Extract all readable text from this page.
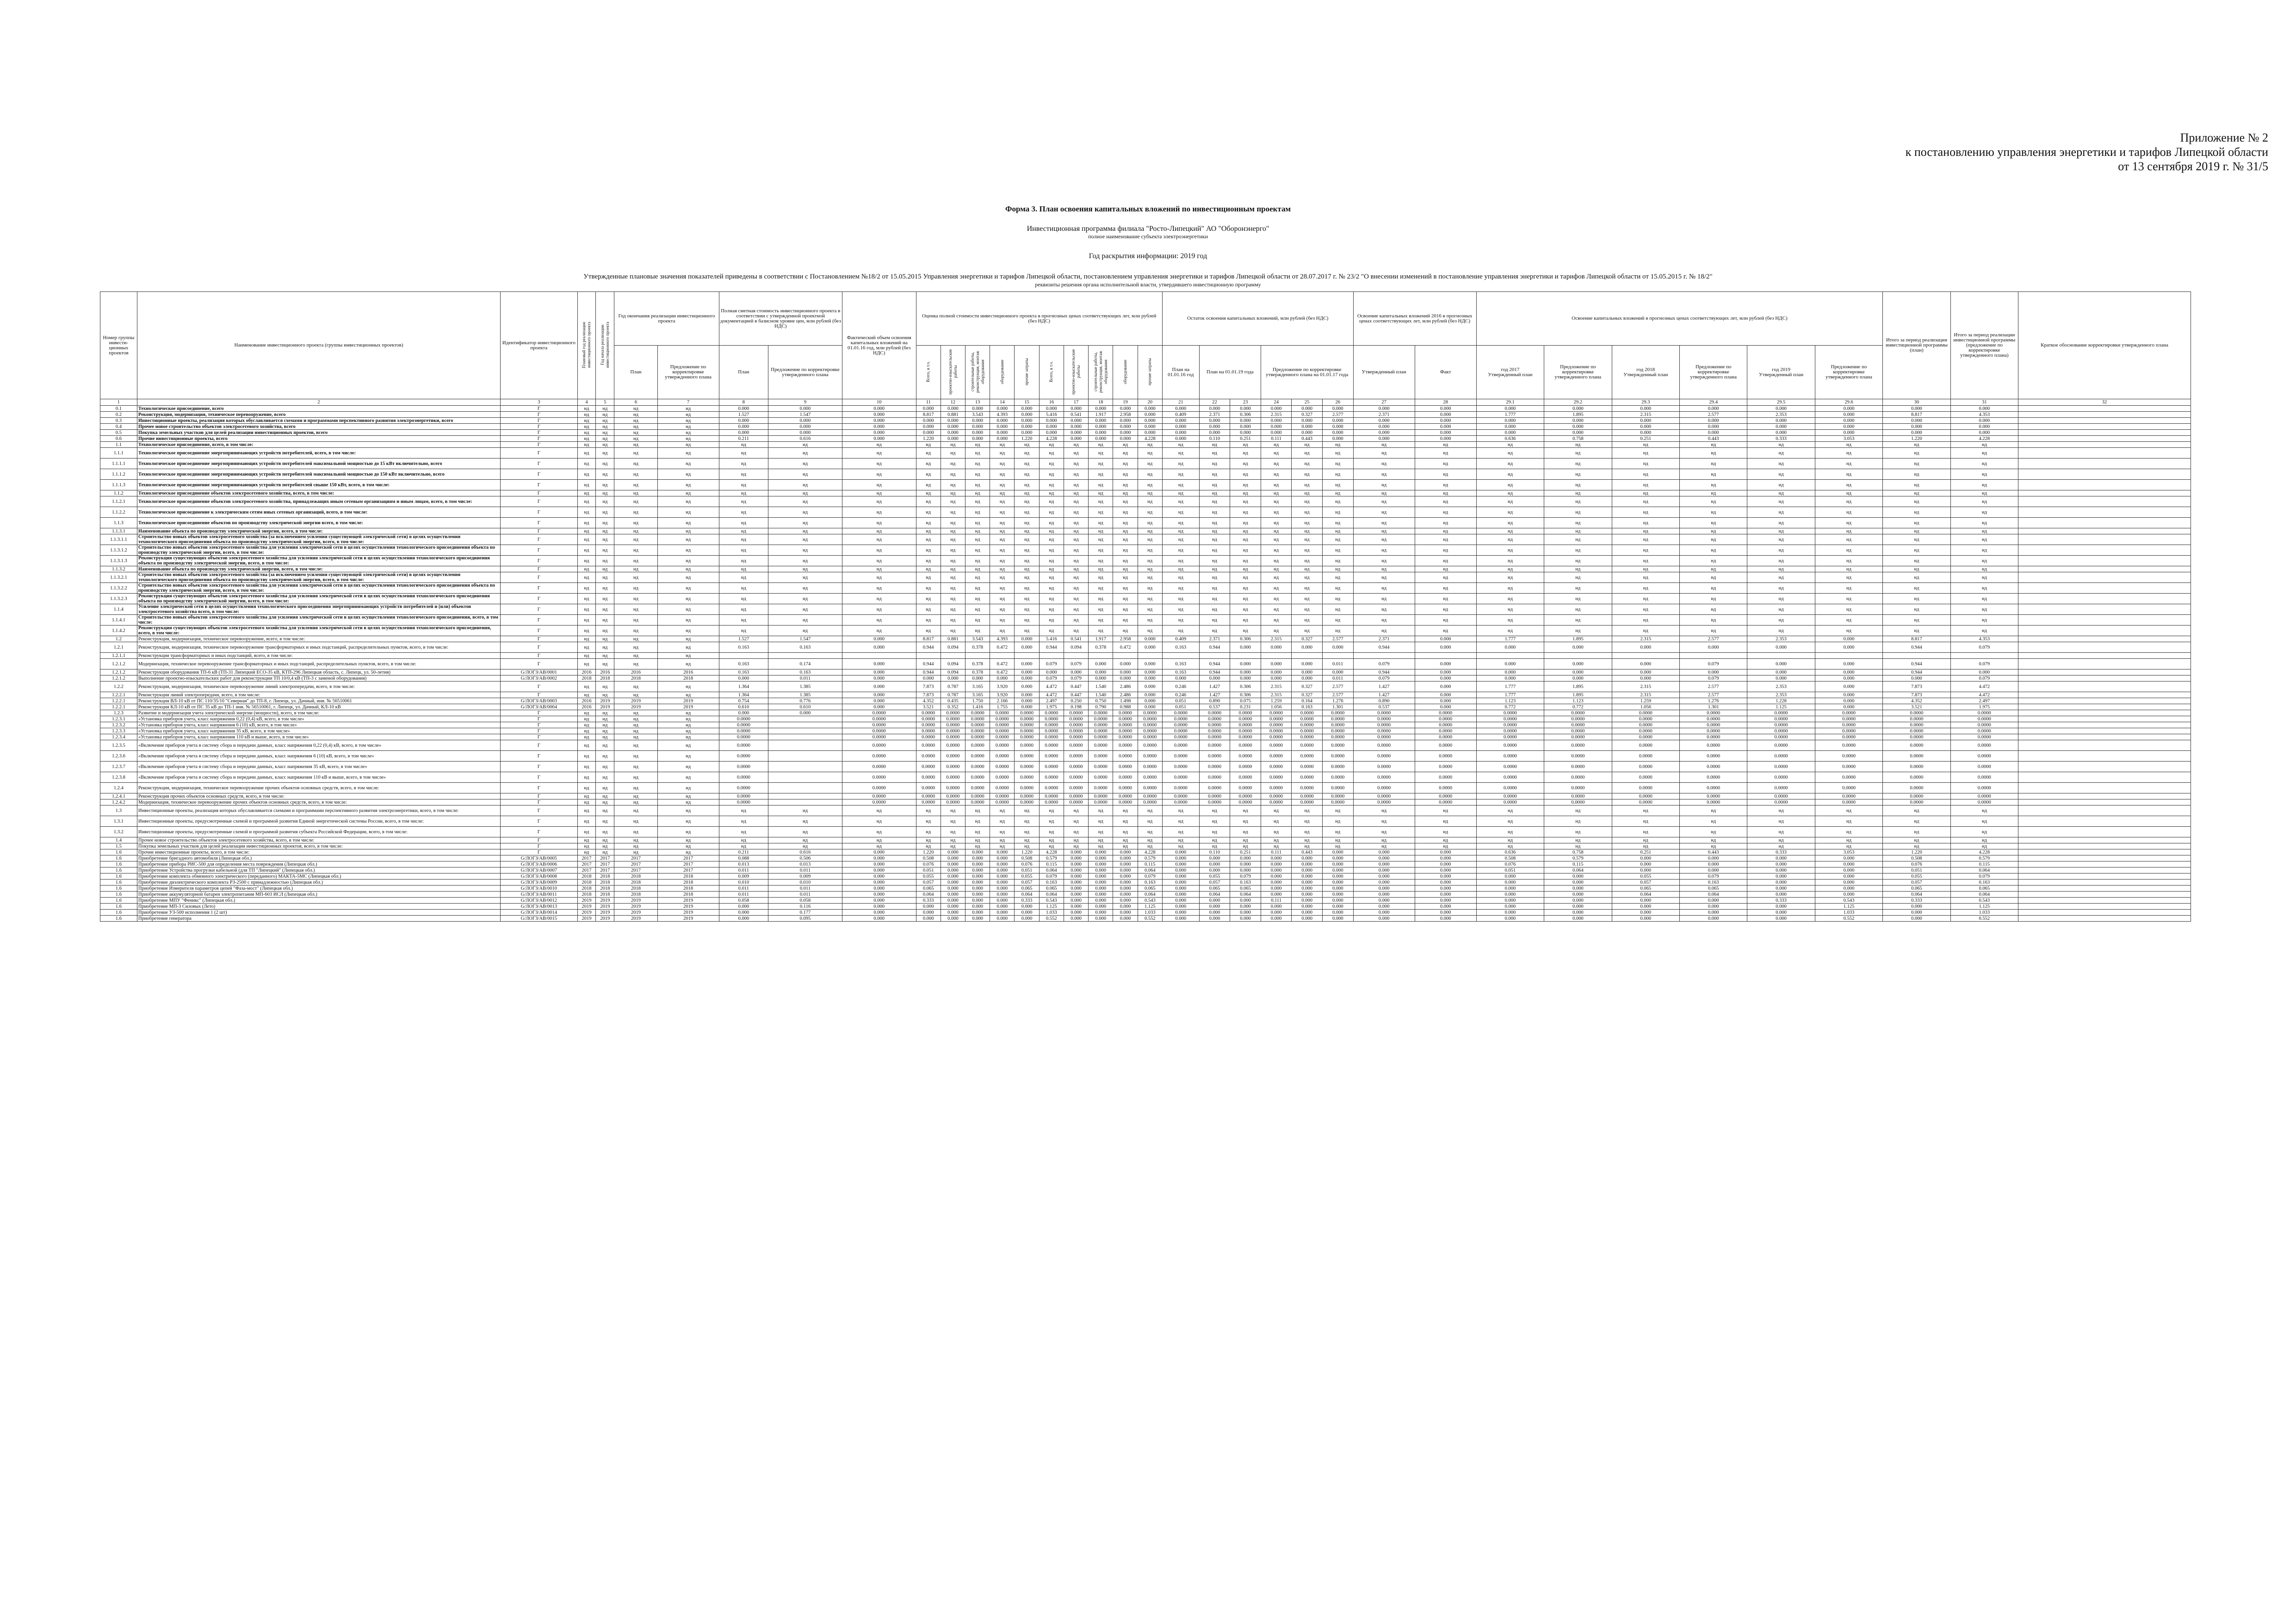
Приложение № 2
к постановлению управления энергетики и тарифов Липецкой области
от 13 сентября 2019 г. № 31/5
Форма 3. План освоения капитальных вложений по инвестиционным проектам
Инвестиционная программа филиала "Росто-Липецкий" АО "Оборонэнерго"
полное наименование субъекта электроэнергетики
Год раскрытия информации: 2019 год
Утвержденные плановые значения показателей приведены в соответствии с Постановлением №18/2 от 15.05.2015 Управления энергетики и тарифов Липецкой области, постановлением управления энергетики и тарифов Липецкой области от 28.07.2017 г. № 23/2 "О внесении изменений в постановление управления энергетики и тарифов Липецкой области от 15.05.2015 г. № 18/2"
реквизиты решения органа исполнительной власти, утвердившего инвестиционную программу
Номер группы инвести-ционных проектов	Наименование инвестиционного проекта (группы инвестиционных проектов)	Идентификатор инвестиционного проекта	Плановый год реализации инвестиционного проекта	Год начала реализации инвестиционного проекта	Год окончания реализации инвестиционного проекта		Полная сметная стоимость инвестиционного проекта в соответствии с утвержденной проектной документацией в базисном уровне цен, млн рублей (без НДС)		Фактический объем освоения капитальных вложений на 01.01.16 год, млн рублей (без НДС)	Оценка полной стоимости инвестиционного проекта в прогнозных ценах соответствующих лет, млн рублей (без НДС)										Остаток освоения капитальных вложений, млн рублей (без НДС)						Освоение капитальных вложений 2016 в прогнозных ценах соответствующих лет, млн рублей (без НДС)		Освоение капитальных вложений в прогнозных ценах соответствующих лет, млн рублей (без НДС)						Итого за период реализации инвестиционной программы (план)	Итого за период реализации инвестиционной программы (предложение по корректировке утвержденного плана)	Краткое обоснование корректировки утвержденного плана
					План	Предложение по корректировке утвержденного плана	План	Предложение по корректировке утвержденного плана		Всего, в т.ч.	проектно-изыскательские работы	строительные работы, реконструкция, монтаж оборудования	оборудование	прочие затраты	Всего, в т.ч.	проектно-изыскательские работы	строительные работы, реконструкция, монтаж оборудования	оборудование	прочие затраты	План на 01.01.16 год	План на 01.01.19 года		Предложение по корректировке утвержденного плана на 01.01.17 года			Утвержденный план	Факт	год 2017
Утвержденный план	Предложение по корректировке утвержденного плана	год 2018
Утвержденный план	Предложение по корректировке утвержденного плана	год 2019
Утвержденный план	Предложение по корректировке утвержденного плана			
1	2	3	4	5	6	7	8	9	10	11	12	13	14	15	16	17	18	19	20	21	22	23	24	25	26	27	28	29.1	29.2	29.3	29.4	29.5	29.6	30	31	32
0.1	Технологическое присоединение, всего	Г	нд	нд	нд	нд	0.000	0.000	0.000	0.000	0.000	0.000	0.000	0.000	0.000	0.000	0.000	0.000	0.000	0.000	0.000	0.000	0.000	0.000	0.000	0.000	0.000	0.000	0.000	0.000	0.000	0.000	0.000	0.000	0.000	
0.2	Реконструкция, модернизация, техническое перевооружение, всего	Г	нд	нд	нд	нд	1.527	1.547	0.000	8.817	0.881	3.543	4.393	0.000	5.416	0.541	1.917	2.958	0.000	0.409	2.371	0.306	2.315	0.327	2.577	2.371	0.000	1.777	1.895	2.315	2.577	2.353	0.000	8.817	4.353	
0.3	Инвестиционные проекты, реализация которых обуславливается схемами и программами перспективного развития электроэнергетики, всего	Г	нд	нд	нд	нд	0.000	0.000	0.000	0.000	0.000	0.000	0.000	0.000	0.000	0.000	0.000	0.000	0.000	0.000	0.000	0.000	0.000	0.000	0.000	0.000	0.000	0.000	0.000	0.000	0.000	0.000	0.000	0.000	0.000	
0.4	Прочее новое строительство объектов электросетевого хозяйства, всего	Г	нд	нд	нд	нд	0.000	0.000	0.000	0.000	0.000	0.000	0.000	0.000	0.000	0.000	0.000	0.000	0.000	0.000	0.000	0.000	0.000	0.000	0.000	0.000	0.000	0.000	0.000	0.000	0.000	0.000	0.000	0.000	0.000	
0.5	Покупка земельных участков для целей реализации инвестиционных проектов, всего	Г	нд	нд	нд	нд	0.000	0.000	0.000	0.000	0.000	0.000	0.000	0.000	0.000	0.000	0.000	0.000	0.000	0.000	0.000	0.000	0.000	0.000	0.000	0.000	0.000	0.000	0.000	0.000	0.000	0.000	0.000	0.000	0.000	
0.6	Прочие инвестиционные проекты, всего	Г	нд	нд	нд	нд	0.211	0.616	0.000	1.220	0.000	0.000	0.000	1.220	4.228	0.000	0.000	0.000	4.228	0.000	0.110	0.251	0.111	0.443	0.000	0.000	0.000	0.636	0.758	0.251	0.443	0.333	3.053	1.220	4.228	
1.1	Технологическое присоединение, всего, в том числе:	Г	нд	нд	нд	нд	нд	нд	нд	нд	нд	нд	нд	нд	нд	нд	нд	нд	нд	нд	нд	нд	нд	нд	нд	нд	нд	нд	нд	нд	нд	нд	нд	нд	нд	
1.1.1	Технологическое присоединение энергопринимающих устройств потребителей, всего, в том числе:	Г	нд	нд	нд	нд	нд	нд	нд	нд	нд	нд	нд	нд	нд	нд	нд	нд	нд	нд	нд	нд	нд	нд	нд	нд	нд	нд	нд	нд	нд	нд	нд	нд	нд	
1.1.1.1	Технологическое присоединение энергопринимающих устройств потребителей максимальной мощностью до 15 кВт включительно, всего	Г	нд	нд	нд	нд	нд	нд	нд	нд	нд	нд	нд	нд	нд	нд	нд	нд	нд	нд	нд	нд	нд	нд	нд	нд	нд	нд	нд	нд	нд	нд	нд	нд	нд	
1.1.1.2	Технологическое присоединение энергопринимающих устройств потребителей максимальной мощностью до 150 кВт включительно, всего	Г	нд	нд	нд	нд	нд	нд	нд	нд	нд	нд	нд	нд	нд	нд	нд	нд	нд	нд	нд	нд	нд	нд	нд	нд	нд	нд	нд	нд	нд	нд	нд	нд	нд	
1.1.1.3	Технологическое присоединение энергопринимающих устройств потребителей свыше 150 кВт, всего, в том числе:	Г	нд	нд	нд	нд	нд	нд	нд	нд	нд	нд	нд	нд	нд	нд	нд	нд	нд	нд	нд	нд	нд	нд	нд	нд	нд	нд	нд	нд	нд	нд	нд	нд	нд	
1.1.2	Технологическое присоединение объектов электросетевого хозяйства, всего, в том числе:	Г	нд	нд	нд	нд	нд	нд	нд	нд	нд	нд	нд	нд	нд	нд	нд	нд	нд	нд	нд	нд	нд	нд	нд	нд	нд	нд	нд	нд	нд	нд	нд	нд	нд	
1.1.2.1	Технологическое присоединение объектов электросетевого хозяйства, принадлежащих иным сетевым организациям и иным лицам, всего, в том числе:	Г	нд	нд	нд	нд	нд	нд	нд	нд	нд	нд	нд	нд	нд	нд	нд	нд	нд	нд	нд	нд	нд	нд	нд	нд	нд	нд	нд	нд	нд	нд	нд	нд	нд	
1.1.2.2	Технологическое присоединение к электрическим сетям иных сетевых организаций, всего, в том числе:	Г	нд	нд	нд	нд	нд	нд	нд	нд	нд	нд	нд	нд	нд	нд	нд	нд	нд	нд	нд	нд	нд	нд	нд	нд	нд	нд	нд	нд	нд	нд	нд	нд	нд	
1.1.3	Технологическое присоединение объектов по производству электрической энергии всего, в том числе:	Г	нд	нд	нд	нд	нд	нд	нд	нд	нд	нд	нд	нд	нд	нд	нд	нд	нд	нд	нд	нд	нд	нд	нд	нд	нд	нд	нд	нд	нд	нд	нд	нд	нд	
1.1.3.1	Наименование объекта по производству электрической энергии, всего, в том числе:	Г	нд	нд	нд	нд	нд	нд	нд	нд	нд	нд	нд	нд	нд	нд	нд	нд	нд	нд	нд	нд	нд	нд	нд	нд	нд	нд	нд	нд	нд	нд	нд	нд	нд	
1.1.3.1.1	Строительство новых объектов электросетевого хозяйства (за исключением усиления существующей электрической сети) в целях осуществления технологического присоединения объекта по производству электрической энергии, всего, в том числе:	Г	нд	нд	нд	нд	нд	нд	нд	нд	нд	нд	нд	нд	нд	нд	нд	нд	нд	нд	нд	нд	нд	нд	нд	нд	нд	нд	нд	нд	нд	нд	нд	нд	нд	
1.1.3.1.2	Строительство новых объектов электросетевого хозяйства для усиления электрической сети в целях осуществления технологического присоединения объекта по производству электрической энергии, всего, в том числе:	Г	нд	нд	нд	нд	нд	нд	нд	нд	нд	нд	нд	нд	нд	нд	нд	нд	нд	нд	нд	нд	нд	нд	нд	нд	нд	нд	нд	нд	нд	нд	нд	нд	нд	
1.1.3.1.3	Реконструкция существующих объектов электросетевого хозяйства для усиления электрической сети в целях осуществления технологического присоединения объекта по производству электрической энергии, всего, в том числе:	Г	нд	нд	нд	нд	нд	нд	нд	нд	нд	нд	нд	нд	нд	нд	нд	нд	нд	нд	нд	нд	нд	нд	нд	нд	нд	нд	нд	нд	нд	нд	нд	нд	нд	
1.1.3.2	Наименование объекта по производству электрической энергии, всего, в том числе:	Г	нд	нд	нд	нд	нд	нд	нд	нд	нд	нд	нд	нд	нд	нд	нд	нд	нд	нд	нд	нд	нд	нд	нд	нд	нд	нд	нд	нд	нд	нд	нд	нд	нд	
1.1.3.2.1	Строительство новых объектов электросетевого хозяйства (за исключением усиления существующей электрической сети) в целях осуществления технологического присоединения объекта по производству электрической энергии, всего, в том числе:	Г	нд	нд	нд	нд	нд	нд	нд	нд	нд	нд	нд	нд	нд	нд	нд	нд	нд	нд	нд	нд	нд	нд	нд	нд	нд	нд	нд	нд	нд	нд	нд	нд	нд	
1.1.3.2.2	Строительство новых объектов электросетевого хозяйства для усиления электрической сети в целях осуществления технологического присоединения объекта по производству электрической энергии, всего, в том числе:	Г	нд	нд	нд	нд	нд	нд	нд	нд	нд	нд	нд	нд	нд	нд	нд	нд	нд	нд	нд	нд	нд	нд	нд	нд	нд	нд	нд	нд	нд	нд	нд	нд	нд	
1.1.3.2.3	Реконструкция существующих объектов электросетевого хозяйства для усиления электрической сети в целях осуществления технологического присоединения объекта по производству электрической энергии, всего, в том числе:	Г	нд	нд	нд	нд	нд	нд	нд	нд	нд	нд	нд	нд	нд	нд	нд	нд	нд	нд	нд	нд	нд	нд	нд	нд	нд	нд	нд	нд	нд	нд	нд	нд	нд	
1.1.4	Усиление электрической сети в целях осуществления технологического присоединения энергопринимающих устройств потребителей и (или) объектов электросетевого хозяйства всего, в том числе:	Г	нд	нд	нд	нд	нд	нд	нд	нд	нд	нд	нд	нд	нд	нд	нд	нд	нд	нд	нд	нд	нд	нд	нд	нд	нд	нд	нд	нд	нд	нд	нд	нд	нд	
1.1.4.1	Строительство новых объектов электросетевого хозяйства для усиления электрической сети в целях осуществления технологического присоединения, всего, в том числе:	Г	нд	нд	нд	нд	нд	нд	нд	нд	нд	нд	нд	нд	нд	нд	нд	нд	нд	нд	нд	нд	нд	нд	нд	нд	нд	нд	нд	нд	нд	нд	нд	нд	нд	
1.1.4.2	Реконструкция существующих объектов электросетевого хозяйства для усиления электрической сети в целях осуществления технологического присоединения, всего, в том числе:	Г	нд	нд	нд	нд	нд	нд	нд	нд	нд	нд	нд	нд	нд	нд	нд	нд	нд	нд	нд	нд	нд	нд	нд	нд	нд	нд	нд	нд	нд	нд	нд	нд	нд	
1.2	Реконструкция, модернизация, техническое перевооружение, всего, в том числе:	Г	нд	нд	нд	нд	1.527	1.547	0.000	8.817	0.881	3.543	4.393	0.000	5.416	0.541	1.917	2.958	0.000	0.409	2.371	0.306	2.315	0.327	2.577	2.371	0.000	1.777	1.895	2.315	2.577	2.353	0.000	8.817	4.353	
1.2.1	Реконструкция, модернизация, техническое перевооружение трансформаторных и иных подстанций, распределительных пунктов, всего, в том числе:	Г	нд	нд	нд	нд	0.163	0.163	0.000	0.944	0.094	0.378	0.472	0.000	0.944	0.094	0.378	0.472	0.000	0.163	0.944	0.000	0.000	0.000	0.000	0.944	0.000	0.000	0.000	0.000	0.000	0.000	0.000	0.944	0.079	
1.2.1.1	Реконструкция трансформаторных и иных подстанций, всего, в том числе:	Г	нд	нд	нд	нд																														
1.2.1.2	Модернизация, техническое перевооружение трансформаторных и иных подстанций, распределительных пунктов, всего, в том числе:	Г	нд	нд	нд	нд	0.163	0.174	0.000	0.944	0.094	0.378	0.472	0.000	0.079	0.079	0.000	0.000	0.000	0.163	0.944	0.000	0.000	0.000	0.011	0.079	0.000	0.000	0.000	0.000	0.079	0.000	0.000	0.944	0.079	
1.2.1.2	Реконструкция оборудования ТП-6 кВ (ТП-31 Липецкий ЕСО-35 кВ, КТП-296 Липецкая область, с. Липецк, ул. 50-летия)	G/ЛОГЗ/АВ/0001	2016	2016	2016	2016	0.163	0.163	0.000	0.944	0.094	0.378	0.472	0.000	0.000	0.000	0.000	0.000	0.000	0.163	0.944	0.000	0.000	0.000	0.000	0.944	0.000	0.000	0.000	0.000	0.000	0.000	0.000	0.944	0.000	
1.2.1.2	Выполнение проектно-изыскательских работ для реконструкции ТП 10/0,4 кВ (ТП-3 с заменой оборудования)	G/ЛОГЗ/АВ/0002	2018	2018	2018	2018	0.000	0.011	0.000	0.000	0.000	0.000	0.000	0.000	0.079	0.079	0.000	0.000	0.000	0.000	0.000	0.000	0.000	0.000	0.011	0.079	0.000	0.000	0.000	0.000	0.079	0.000	0.000	0.000	0.079	
1.2.2	Реконструкция, модернизация, техническое перевооружение линий электропередачи, всего, в том числе:	Г	нд	нд	нд	нд	1.364	1.385	0.000	7.873	0.787	3.165	3.920	0.000	4.472	0.447	1.540	2.486	0.000	0.246	1.427	0.306	2.315	0.327	2.577	1.427	0.000	1.777	1.895	2.315	2.577	2.353	0.000	7.873	4.472	
1.2.2.1	Реконструкция линий электропередачи, всего, в том числе:	Г	нд	нд	нд	нд	1.364	1.385	0.000	7.873	0.787	3.165	3.920	0.000	4.472	0.447	1.540	2.486	0.000	0.246	1.427	0.306	2.315	0.327	2.577	1.427	0.000	1.777	1.895	2.315	2.577	2.353	0.000	7.873	4.472	
1.2.2.1	Реконструкция ВЛ-10 кВ от ПС 110/35/10 "Северная" до ТП-8, г. Липецк, ул. Дачный, инв. № 56510061	G/ЛОГЗ/АВ/0003	2016	2019	2019	2019	0.754	0.776	0.000	4.352	0.435	1.750	2.166	0.000	2.497	0.250	0.750	1.498	0.000	0.051	0.890	0.075	1.259	0.164	1.276	0.890	0.000	1.123	1.123	1.259	1.276	1.228	0.000	4.352	2.497	
1.2.2.1	Реконструкция КЛ-10 кВ от ПС 35 кВ до ТП-1 инв. № 56510061, г. Липецк, ул. Дачный, КЛ-10 кВ	G/ЛОГЗ/АВ/0004	2016	2019	2019	2019	0.610	0.610	0.000	3.521	0.352	1.416	1.755	0.000	1.975	0.198	0.790	0.988	0.000	0.051	0.537	0.231	1.056	0.163	1.301	0.537	0.000	0.772	0.772	1.056	1.301	1.125	0.000	3.521	1.975	
1.2.3	Развитие и модернизация учета электрической энергии (мощности), всего, в том числе:	Г	нд	нд	нд	нд	0.000	0.000	0.0000	0.0000	0.0000	0.0000	0.0000	0.0000	0.0000	0.0000	0.0000	0.0000	0.0000	0.0000	0.0000	0.0000	0.0000	0.0000	0.0000	0.0000	0.0000	0.0000	0.0000	0.0000	0.0000	0.0000	0.0000	0.0000	0.0000	
1.2.3.1	«Установка приборов учета, класс напряжения 0,22 (0,4) кВ, всего, в том числе»	Г	нд	нд	нд	нд	0.0000		0.0000	0.0000	0.0000	0.0000	0.0000	0.0000	0.0000	0.0000	0.0000	0.0000	0.0000	0.0000	0.0000	0.0000	0.0000	0.0000	0.0000	0.0000	0.0000	0.0000	0.0000	0.0000	0.0000	0.0000	0.0000	0.0000	0.0000	
1.2.3.2	«Установка приборов учета, класс напряжения 6 (10) кВ, всего, в том числе»	Г	нд	нд	нд	нд	0.0000		0.0000	0.0000	0.0000	0.0000	0.0000	0.0000	0.0000	0.0000	0.0000	0.0000	0.0000	0.0000	0.0000	0.0000	0.0000	0.0000	0.0000	0.0000	0.0000	0.0000	0.0000	0.0000	0.0000	0.0000	0.0000	0.0000	0.0000	
1.2.3.3	«Установка приборов учета, класс напряжения 35 кВ, всего, в том числе»	Г	нд	нд	нд	нд	0.0000		0.0000	0.0000	0.0000	0.0000	0.0000	0.0000	0.0000	0.0000	0.0000	0.0000	0.0000	0.0000	0.0000	0.0000	0.0000	0.0000	0.0000	0.0000	0.0000	0.0000	0.0000	0.0000	0.0000	0.0000	0.0000	0.0000	0.0000	
1.2.3.4	«Установка приборов учета, класс напряжения 110 кВ и выше, всего, в том числе»	Г	нд	нд	нд	нд	0.0000		0.0000	0.0000	0.0000	0.0000	0.0000	0.0000	0.0000	0.0000	0.0000	0.0000	0.0000	0.0000	0.0000	0.0000	0.0000	0.0000	0.0000	0.0000	0.0000	0.0000	0.0000	0.0000	0.0000	0.0000	0.0000	0.0000	0.0000	
1.2.3.5	«Включение приборов учета в систему сбора и передачи данных, класс напряжения 0,22 (0,4) кВ, всего, в том числе»	Г	нд	нд	нд	нд	0.0000		0.0000	0.0000	0.0000	0.0000	0.0000	0.0000	0.0000	0.0000	0.0000	0.0000	0.0000	0.0000	0.0000	0.0000	0.0000	0.0000	0.0000	0.0000	0.0000	0.0000	0.0000	0.0000	0.0000	0.0000	0.0000	0.0000	0.0000	
1.2.3.6	«Включение приборов учета в систему сбора и передачи данных, класс напряжения 6 (10) кВ, всего, в том числе»	Г	нд	нд	нд	нд	0.0000		0.0000	0.0000	0.0000	0.0000	0.0000	0.0000	0.0000	0.0000	0.0000	0.0000	0.0000	0.0000	0.0000	0.0000	0.0000	0.0000	0.0000	0.0000	0.0000	0.0000	0.0000	0.0000	0.0000	0.0000	0.0000	0.0000	0.0000	
1.2.3.7	«Включение приборов учета в систему сбора и передачи данных, класс напряжения 35 кВ, всего, в том числе»	Г	нд	нд	нд	нд	0.0000		0.0000	0.0000	0.0000	0.0000	0.0000	0.0000	0.0000	0.0000	0.0000	0.0000	0.0000	0.0000	0.0000	0.0000	0.0000	0.0000	0.0000	0.0000	0.0000	0.0000	0.0000	0.0000	0.0000	0.0000	0.0000	0.0000	0.0000	
1.2.3.8	«Включение приборов учета в систему сбора и передачи данных, класс напряжения 110 кВ и выше, всего, в том числе»	Г	нд	нд	нд	нд	0.0000		0.0000	0.0000	0.0000	0.0000	0.0000	0.0000	0.0000	0.0000	0.0000	0.0000	0.0000	0.0000	0.0000	0.0000	0.0000	0.0000	0.0000	0.0000	0.0000	0.0000	0.0000	0.0000	0.0000	0.0000	0.0000	0.0000	0.0000	
1.2.4	Реконструкция, модернизация, техническое перевооружение прочих объектов основных средств, всего, в том числе:	Г	нд	нд	нд	нд	0.0000		0.0000	0.0000	0.0000	0.0000	0.0000	0.0000	0.0000	0.0000	0.0000	0.0000	0.0000	0.0000	0.0000	0.0000	0.0000	0.0000	0.0000	0.0000	0.0000	0.0000	0.0000	0.0000	0.0000	0.0000	0.0000	0.0000	0.0000	
1.2.4.1	Реконструкция прочих объектов основных средств, всего, в том числе:	Г	нд	нд	нд	нд	0.0000		0.0000	0.0000	0.0000	0.0000	0.0000	0.0000	0.0000	0.0000	0.0000	0.0000	0.0000	0.0000	0.0000	0.0000	0.0000	0.0000	0.0000	0.0000	0.0000	0.0000	0.0000	0.0000	0.0000	0.0000	0.0000	0.0000	0.0000	
1.2.4.2	Модернизация, техническое перевооружение прочих объектов основных средств, всего, в том числе:	Г	нд	нд	нд	нд	0.0000		0.0000	0.0000	0.0000	0.0000	0.0000	0.0000	0.0000	0.0000	0.0000	0.0000	0.0000	0.0000	0.0000	0.0000	0.0000	0.0000	0.0000	0.0000	0.0000	0.0000	0.0000	0.0000	0.0000	0.0000	0.0000	0.0000	0.0000	
1.3	Инвестиционные проекты, реализация которых обуславливается схемами и программами перспективного развития электроэнергетики, всего, в том числе:	Г	нд	нд	нд	нд	нд	нд	нд	нд	нд	нд	нд	нд	нд	нд	нд	нд	нд	нд	нд	нд	нд	нд	нд	нд	нд	нд	нд	нд	нд	нд	нд	нд	нд	
1.3.1	Инвестиционные проекты, предусмотренные схемой и программой развития Единой энергетической системы России, всего, в том числе:	Г	нд	нд	нд	нд	нд	нд	нд	нд	нд	нд	нд	нд	нд	нд	нд	нд	нд	нд	нд	нд	нд	нд	нд	нд	нд	нд	нд	нд	нд	нд	нд	нд	нд	
1.3.2	Инвестиционные проекты, предусмотренные схемой и программой развития субъекта Российской Федерации, всего, в том числе:	Г	нд	нд	нд	нд	нд	нд	нд	нд	нд	нд	нд	нд	нд	нд	нд	нд	нд	нд	нд	нд	нд	нд	нд	нд	нд	нд	нд	нд	нд	нд	нд	нд	нд	
1.4	Прочее новое строительство объектов электросетевого хозяйства, всего, в том числе:	Г	нд	нд	нд	нд	нд	нд	нд	нд	нд	нд	нд	нд	нд	нд	нд	нд	нд	нд	нд	нд	нд	нд	нд	нд	нд	нд	нд	нд	нд	нд	нд	нд	нд	
1.5	Покупка земельных участков для целей реализации инвестиционных проектов, всего, в том числе:	Г	нд	нд	нд	нд	нд	нд	нд	нд	нд	нд	нд	нд	нд	нд	нд	нд	нд	нд	нд	нд	нд	нд	нд	нд	нд	нд	нд	нд	нд	нд	нд	нд	нд	
1.6	Прочие инвестиционные проекты, всего, в том числе:	Г	нд	нд	нд	нд	0.211	0.616	0.000	1.220	0.000	0.000	0.000	1.220	4.228	0.000	0.000	0.000	4.228	0.000	0.110	0.251	0.111	0.443	0.000	0.000	0.000	0.636	0.758	0.251	0.443	0.333	3.053	1.220	4.228	
1.6	Приобретение бригадного автомобиля (Липецкая обл.)	G/ЛОГЗ/АВ/0005	2017	2017	2017	2017	0.088	0.506	0.000	0.508	0.000	0.000	0.000	0.508	0.579	0.000	0.000	0.000	0.579	0.000	0.000	0.000	0.000	0.000	0.000	0.000	0.000	0.508	0.579	0.000	0.000	0.000	0.000	0.508	0.579	
1.6	Приобретение прибора РИС-500 для определения места повреждения (Липецкая обл.)	G/ЛОГЗ/АВ/0006	2017	2017	2017	2017	0.013	0.013	0.000	0.076	0.000	0.000	0.000	0.076	0.115	0.000	0.000	0.000	0.115	0.000	0.000	0.000	0.000	0.000	0.000	0.000	0.000	0.076	0.115	0.000	0.000	0.000	0.000	0.076	0.115	
1.6	Приобретение Устройства прогрузки кабельной (для ТП "Липецкий" (Липецкая обл.)	G/ЛОГЗ/АВ/0007	2017	2017	2017	2017	0.011	0.011	0.000	0.051	0.000	0.000	0.000	0.051	0.064	0.000	0.000	0.000	0.064	0.000	0.000	0.000	0.000	0.000	0.000	0.000	0.000	0.051	0.064	0.000	0.000	0.000	0.000	0.051	0.064	
1.6	Приобретение комплекта обменного электрического (переданного) МАКТА-5МС (Липецкая обл.)	G/ЛОГЗ/АВ/0008	2018	2018	2018	2018	0.009	0.009	0.000	0.055	0.000	0.000	0.000	0.055	0.079	0.000	0.000	0.000	0.079	0.000	0.055	0.079	0.000	0.000	0.000	0.000	0.000	0.000	0.000	0.055	0.079	0.000	0.000	0.055	0.079	
1.6	Приобретение диэлектрического комплекта РЗ-2500 с принадлежностью (Липецкая обл.)	G/ЛОГЗ/АВ/0009	2018	2018	2018	2018	0.010	0.010	0.000	0.057	0.000	0.000	0.000	0.057	0.163	0.000	0.000	0.000	0.163	0.000	0.057	0.163	0.000	0.000	0.000	0.000	0.000	0.000	0.000	0.057	0.163	0.000	0.000	0.057	0.163	
1.6	Приобретение Измерителя параметров цепей "Фаза-мост" (Липецкая обл.)	G/ЛОГЗ/АВ/0010	2018	2018	2018	2018	0.011	0.011	0.000	0.065	0.000	0.000	0.000	0.065	0.065	0.000	0.000	0.000	0.065	0.000	0.065	0.065	0.000	0.000	0.000	0.000	0.000	0.000	0.000	0.065	0.065	0.000	0.000	0.065	0.065	
1.6	Приобретение аккумуляторной батареи электропитания МП-603 ИСЛ (Липецкая обл.)	G/ЛОГЗ/АВ/0011	2018	2018	2018	2018	0.011	0.011	0.000	0.064	0.000	0.000	0.000	0.064	0.064	0.000	0.000	0.000	0.064	0.000	0.064	0.064	0.000	0.000	0.000	0.000	0.000	0.000	0.000	0.064	0.064	0.000	0.000	0.064	0.064	
1.6	Приобретение МПУ "Феникс" (Липецкая обл.)	G/ЛОГЗ/АВ/0012	2019	2019	2019	2019	0.058	0.058	0.000	0.333	0.000	0.000	0.000	0.333	0.543	0.000	0.000	0.000	0.543	0.000	0.000	0.000	0.111	0.000	0.000	0.000	0.000	0.000	0.000	0.000	0.000	0.333	0.543	0.333	0.543	
1.6	Приобретение МП-3 Силовых (Лето)	G/ЛОГЗ/АВ/0013	2019	2019	2019	2019	0.000	0.116	0.000	0.000	0.000	0.000	0.000	0.000	1.125	0.000	0.000	0.000	1.125	0.000	0.000	0.000	0.000	0.000	0.000	0.000	0.000	0.000	0.000	0.000	0.000	0.000	1.125	0.000	1.125	
1.6	Приобретение УЗ-500 исполнения 1 (2 шт)	G/ЛОГЗ/АВ/0014	2019	2019	2019	2019	0.000	0.177	0.000	0.000	0.000	0.000	0.000	0.000	1.033	0.000	0.000	0.000	1.033	0.000	0.000	0.000	0.000	0.000	0.000	0.000	0.000	0.000	0.000	0.000	0.000	0.000	1.033	0.000	1.033	
1.6	Приобретение генератора	G/ЛОГЗ/АВ/0015	2019	2019	2019	2019	0.000	0.095	0.000	0.000	0.000	0.000	0.000	0.000	0.552	0.000	0.000	0.000	0.552	0.000	0.000	0.000	0.000	0.000	0.000	0.000	0.000	0.000	0.000	0.000	0.000	0.000	0.552	0.000	0.552	
